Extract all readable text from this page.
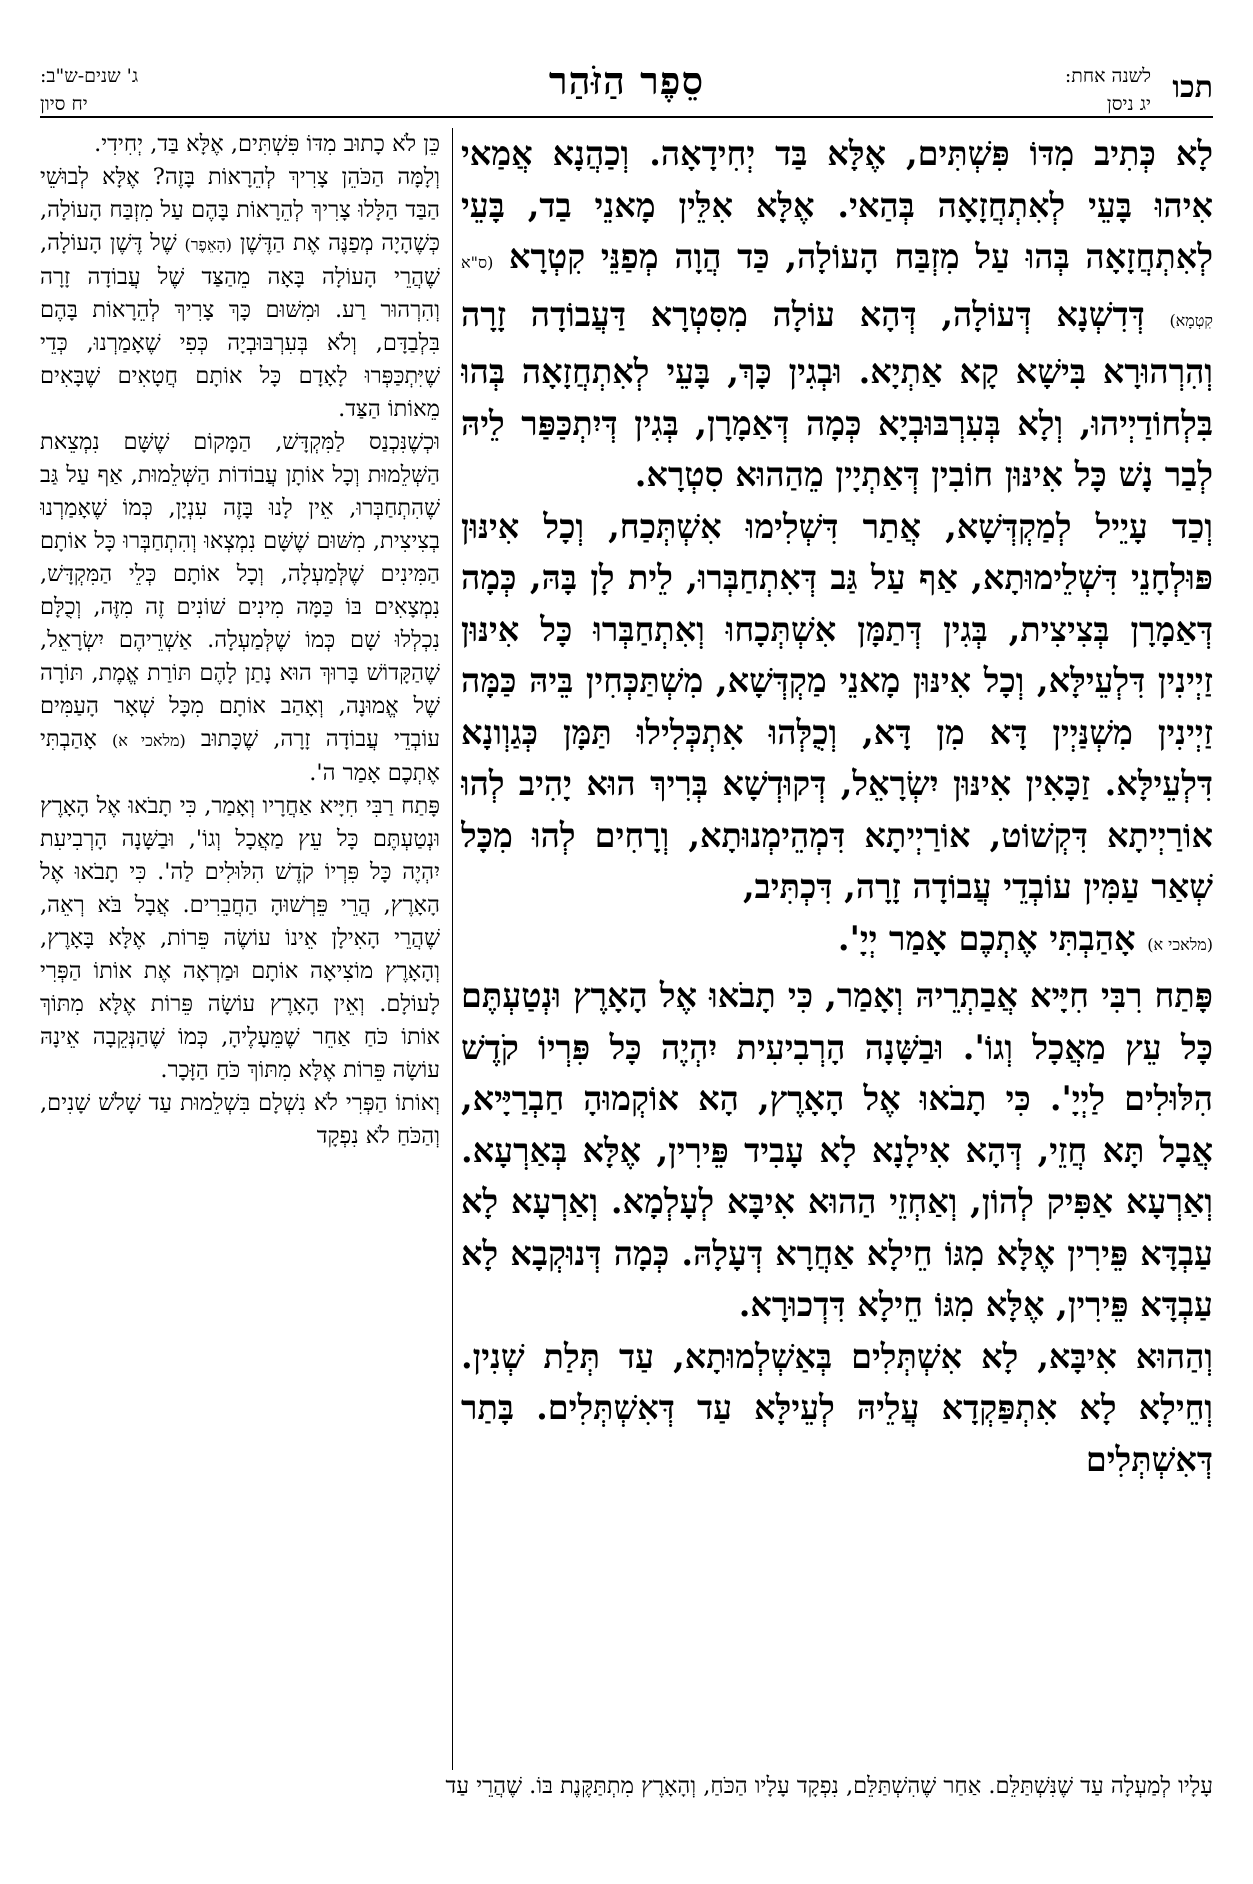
תכו
לשנה אחת:
יג ניסן
סֵפֶר הַזֹּהַר
ג' שנים-ש"ב:
יח סיון

לָא כְּתִיב מִדּוֹ פִּשְׁתִּים, אֶלָּא בַּד יְחִידָאָה. וְכַהֲנָא אֲמַאי אִיהוּ בָּעֵי לְאִתְחֲזָאָה בְּהַאי. אֶלָּא אִלֵּין מָאנֵי בַד, בָּעֵי לְאִתְחֲזָאָה בְּהוּ עַל מִזְבַּח הָעוֹלָה, כַּד הֲוָה מְפַנֵּי קִטְרָא (ס"א קִטְמָא) דְּדִשְׁנָא דְּעוֹלָה, דְּהָא עוֹלָה מִסִּטְרָא דַּעֲבוֹדָה זָרָה וְהִרְהוּרָא בִּישָׁא קָא אַתְיָא. וּבְגִין כָּךְ, בָּעֵי לְאִתְחֲזָאָה בְּהוּ בִּלְחוֹדַיְיהוּ, וְלָא בְּעִרְבּוּבְיָא כְּמָה דְּאַמָרָן, בְּגִין דְּיִתְכַּפַּר לֵיהּ לְבַר נָשׁ כָּל אִינּוּן חוֹבִין דְּאַתְיָין מֵהַהוּא סִטְרָא.

וְכַד עָיֵיל לְמַקְדְּשָׁא, אֲתַר דִּשְׁלִימוּ אִשְׁתְּכַח, וְכָל אִינּוּן פּוּלְחָנֵי דִּשְׁלֵימוּתָא, אַף עַל גַּב דְּאִתְחַבְּרוּ, לֵית לָן בָּהּ, כְּמָה דְּאַמָרָן בְּצִיצִית, בְּגִין דְּתַמָּן אִשְׁתְּכָחוּ וְאִתְחַבְּרוּ כָּל אִינּוּן זַיְינִין דִּלְעֵילָּא, וְכָל אִינּוּן מָאנֵי מַקְדְּשָׁא, מִשְׁתַּכְּחִין בֵּיהּ כַּמָּה זַיְינִין מִשְׁנַּיְין דָּא מִן דָּא, וְכֻלְּהוּ אִתְכְּלִילוּ תַּמָּן כְּגַוְונָא דִּלְעֵילָּא. זַכָּאִין אִינּוּן יִשְׂרָאֵל, דְּקוּדְשָׁא בְּרִיךְ הוּא יָהִיב לְהוּ אוֹרַיְיתָא דִּקְשׁוֹט, אוֹרַיְיתָא דִּמְהֵימְנוּתָא, וְרָחִים לְהוּ מִכָּל שְׁאַר עַמִּין עוֹבְדֵי עֲבוֹדָה זָרָה, דִּכְתִּיב,

(מלאכי א) אָהַבְתִּי אֶתְכֶם אָמַר יְיָ'.

פָּתַח רִבִּי חִיָּיא אֲבַתְרֵיהּ וְאָמַר, כִּי תָבֹאוּ אֶל הָאָרֶץ וּנְטַעְתֶּם כָּל עֵץ מַאֲכָל וְגוֹ'. וּבַשָּׁנָה הָרְבִיעִית יִהְיֶה כָּל פִּרְיוֹ קֹדֶשׁ הִלּוּלִים לַיְיָ'. כִּי תָבֹאוּ אֶל הָאָרֶץ, הָא אוֹקְמוּהָ חַבְרַיָּיא, אֲבָל תָּא חֲזֵי, דְּהָא אִילָנָא לָא עָבִיד פֵּירִין, אֶלָּא בְּאַרְעָא. וְאַרְעָא אַפִּיק לְהוֹן, וְאַחְזֵי הַהוּא אִיבָּא לְעָלְמָא. וְאַרְעָא לָא עַבְדָּא פֵּירִין אֶלָּא מִגּוֹ חֵילָא אַחֲרָא דְּעָלָהּ. כְּמָה דְּנוּקְבָא לָא עַבְדָּא פֵּירִין, אֶלָּא מִגּוֹ חֵילָא דִּדְכוּרָא.

וְהַהוּא אִיבָּא, לָא אִשְׁתְּלִים בְּאַשְׁלְמוּתָא, עַד תְּלַת שְׁנִין. וְחֵילָא לָא אִתְפַּקְדָא עֲלֵיהּ לְעֵילָּא עַד דְּאִשְׁתְּלִים. בָּתַר דְּאִשְׁתְּלִים

כֵּן לֹא כָתוּב מִדּוֹ פִּשְׁתִּים, אֶלָּא בַּד, יְחִידִי.

וְלָמָּה הַכֹּהֵן צָרִיךְ לְהֵרָאוֹת בָּזֶה? אֶלָּא לְבוּשֵׁי הַבַּד הַלָּלוּ צָרִיךְ לְהֵרָאוֹת בָּהֶם עַל מִזְבַּח הָעוֹלָה, כְּשֶׁהָיָה מְפַנֶּה אֶת הַדֶּשֶׁן (הָאֵפֶר) שֶׁל דֶּשֶׁן הָעוֹלָה, שֶׁהֲרֵי הָעוֹלָה בָּאָה מֵהַצַּד שֶׁל עֲבוֹדָה זָרָה וְהִרְהוּר רַע. וּמִשּׁוּם כָּךְ צָרִיךְ לְהֵרָאוֹת בָּהֶם בִּלְבַדָּם, וְלֹא בְּעִרְבּוּבְיָה כְּפִי שֶׁאָמַרְנוּ, כְּדֵי שֶׁיִּתְכַּפְּרוּ לָאָדָם כָּל אוֹתָם חֲטָאִים שֶׁבָּאִים מֵאוֹתוֹ הַצַּד.

וּכְשֶׁנִּכְנַס לַמִּקְדָּשׁ, הַמָּקוֹם שֶׁשָּׁם נִמְצֵאת הַשְּׁלֵמוּת וְכָל אוֹתָן עֲבוֹדוֹת הַשְּׁלֵמוּת, אַף עַל גַּב שֶׁהִתְחַבְּרוּ, אֵין לָנוּ בָּזֶה עִנְיָן, כְּמוֹ שֶׁאָמַרְנוּ בְצִיצִית, מִשּׁוּם שֶׁשָּׁם נִמְצְאוּ וְהִתְחַבְּרוּ כָּל אוֹתָם הַמִּינִים שֶׁלְּמַעְלָה, וְכָל אוֹתָם כְּלֵי הַמִּקְדָּשׁ, נִמְצָאִים בּוֹ כַּמָּה מִינִים שׁוֹנִים זֶה מִזֶּה, וְכֻלָּם נִכְלְלוּ שָׁם כְּמוֹ שֶׁלְּמַעְלָה. אַשְׁרֵיהֶם יִשְׂרָאֵל, שֶׁהַקָּדוֹשׁ בָּרוּךְ הוּא נָתַן לָהֶם תּוֹרַת אֱמֶת, תּוֹרָה שֶׁל אֱמוּנָה, וְאָהַב אוֹתָם מִכָּל שְׁאָר הָעַמִּים עוֹבְדֵי עֲבוֹדָה זָרָה, שֶׁכָּתוּב (מלאכי א) אָהַבְתִּי אֶתְכֶם אָמַר ה'.

פָּתַח רַבִּי חִיָּיא אַחֲרָיו וְאָמַר, כִּי תָבֹאוּ אֶל הָאָרֶץ וּנְטַעְתֶּם כָּל עֵץ מַאֲכָל וְגוֹ', וּבַשָּׁנָה הָרְבִיעִת יִהְיֶה כָּל פִּרְיוֹ קֹדֶשׁ הִלּוּלִים לַה'. כִּי תָבֹאוּ אֶל הָאָרֶץ, הֲרֵי פֵּרְשׁוּהָ הַחֲבֵרִים. אֲבָל בֹּא רְאֵה, שֶׁהֲרֵי הָאִילָן אֵינוֹ עוֹשֶׂה פֵּרוֹת, אֶלָּא בָּאָרֶץ, וְהָאָרֶץ מוֹצִיאָה אוֹתָם וּמַרְאָה אֶת אוֹתוֹ הַפְּרִי לָעוֹלָם. וְאֵין הָאָרֶץ עוֹשָׂה פֵּרוֹת אֶלָּא מִתּוֹךְ אוֹתוֹ כֹּחַ אַחֵר שֶׁמֵּעָלֶיהָ, כְּמוֹ שֶׁהַנְּקֵבָה אֵינָהּ עוֹשָׂה פֵּרוֹת אֶלָּא מִתּוֹךְ כֹּחַ הַזָּכָר.

וְאוֹתוֹ הַפְּרִי לֹא נִשְׁלָם בִּשְׁלֵמוּת עַד שָׁלֹשׁ שָׁנִים, וְהַכֹּחַ לֹא נִפְקָד

עָלָיו לְמַעְלָה עַד שֶׁנִּשְׁתַּלֵּם. אַחַר שֶׁהִשְׁתַּלֵּם, נִפְקָד עָלָיו הַכֹּחַ, וְהָאָרֶץ מִתְתַּקֶּנֶת בּוֹ. שֶׁהֲרֵי עַד
